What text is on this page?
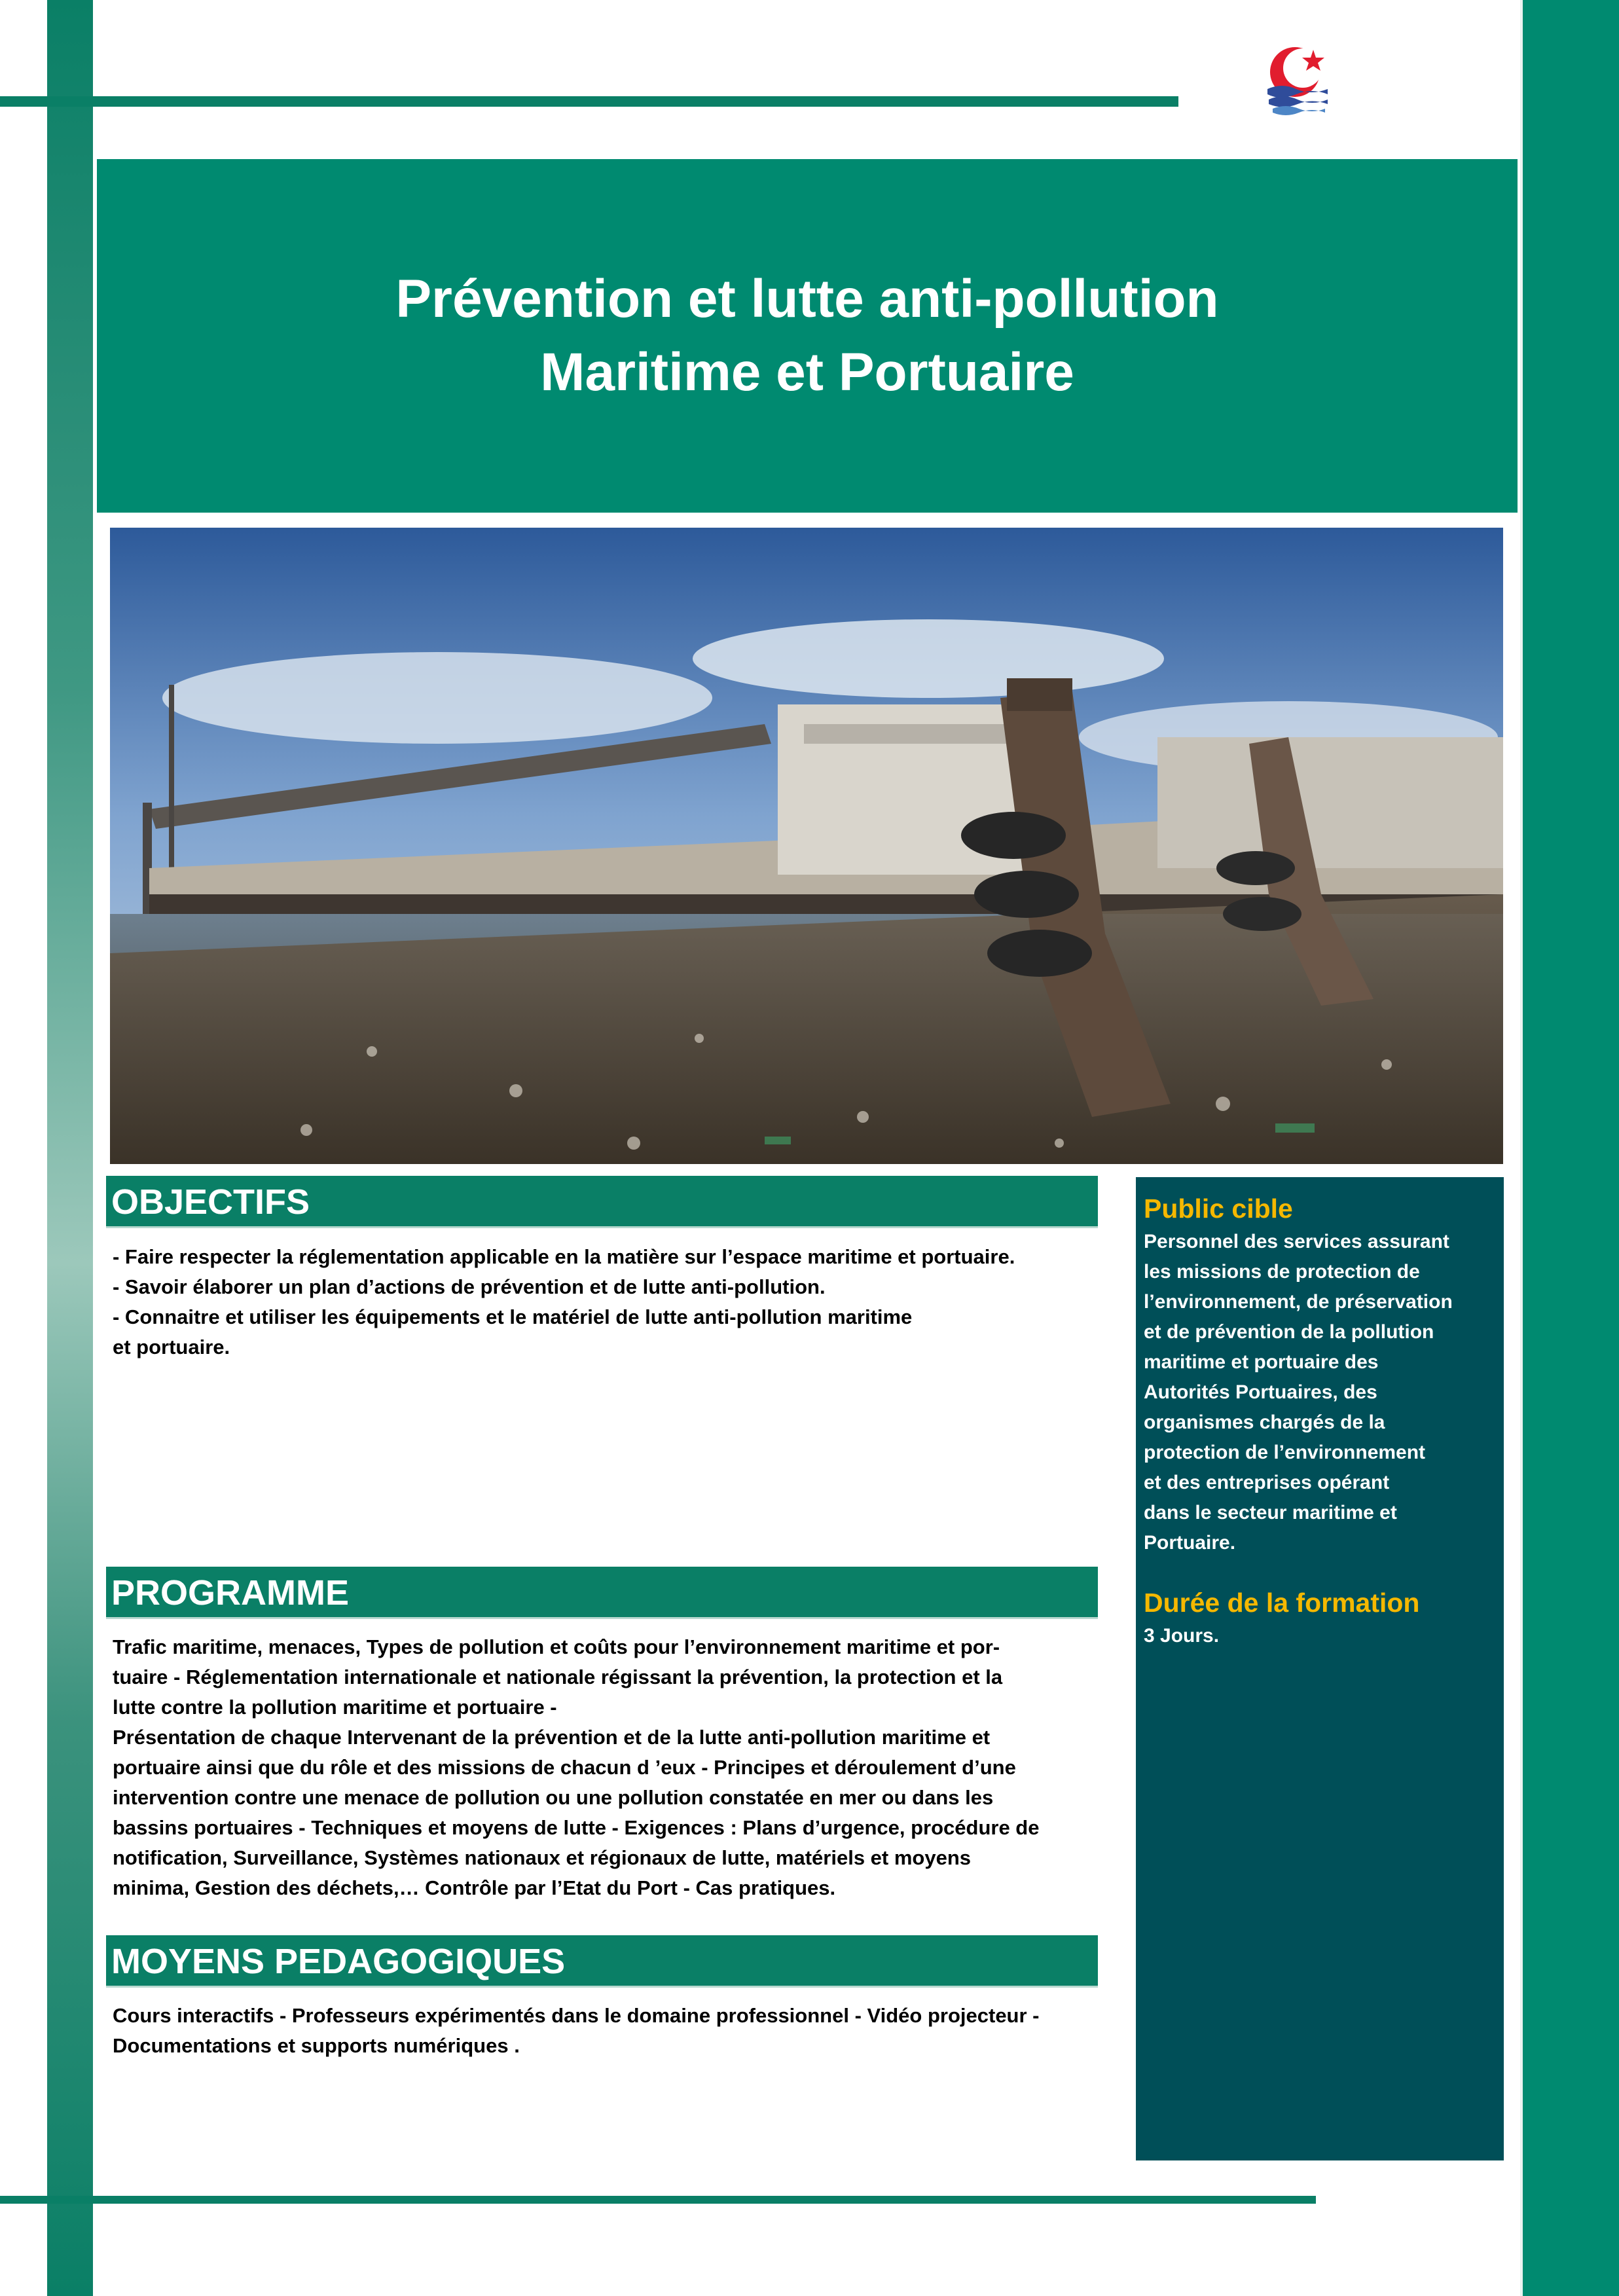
Prévention et lutte anti-pollution
Maritime et Portuaire
OBJECTIFS
- Faire respecter la réglementation applicable en la matière sur l’espace maritime et portuaire.
- Savoir élaborer un plan d’actions de prévention et de lutte anti-pollution.
- Connaitre et utiliser les équipements et le matériel de lutte anti-pollution maritime
et portuaire.
PROGRAMME
Trafic maritime, menaces, Types de pollution et coûts pour l’environnement maritime et por-
tuaire - Réglementation internationale et nationale régissant la prévention, la protection et la
lutte contre la pollution maritime et portuaire -
Présentation de chaque Intervenant de la prévention et de la lutte anti-pollution maritime et
portuaire ainsi que du rôle et des missions de chacun d ’eux - Principes et déroulement d’une
intervention contre une menace de pollution ou une pollution constatée en mer ou dans les
bassins portuaires - Techniques et moyens de lutte - Exigences : Plans d’urgence, procédure de
notification, Surveillance, Systèmes nationaux et régionaux de lutte, matériels et moyens
minima, Gestion des déchets,… Contrôle par l’Etat du Port - Cas pratiques.
MOYENS PEDAGOGIQUES
Cours interactifs - Professeurs expérimentés dans le domaine professionnel - Vidéo projecteur -
Documentations et supports numériques .
Public cible
Personnel des services assurant
les missions de protection de
l’environnement, de préservation
et de prévention de la pollution
maritime et portuaire des
Autorités Portuaires, des
organismes chargés de la
protection de l’environnement
et des entreprises opérant
dans le secteur maritime et
Portuaire.
Durée de la formation
3 Jours.
